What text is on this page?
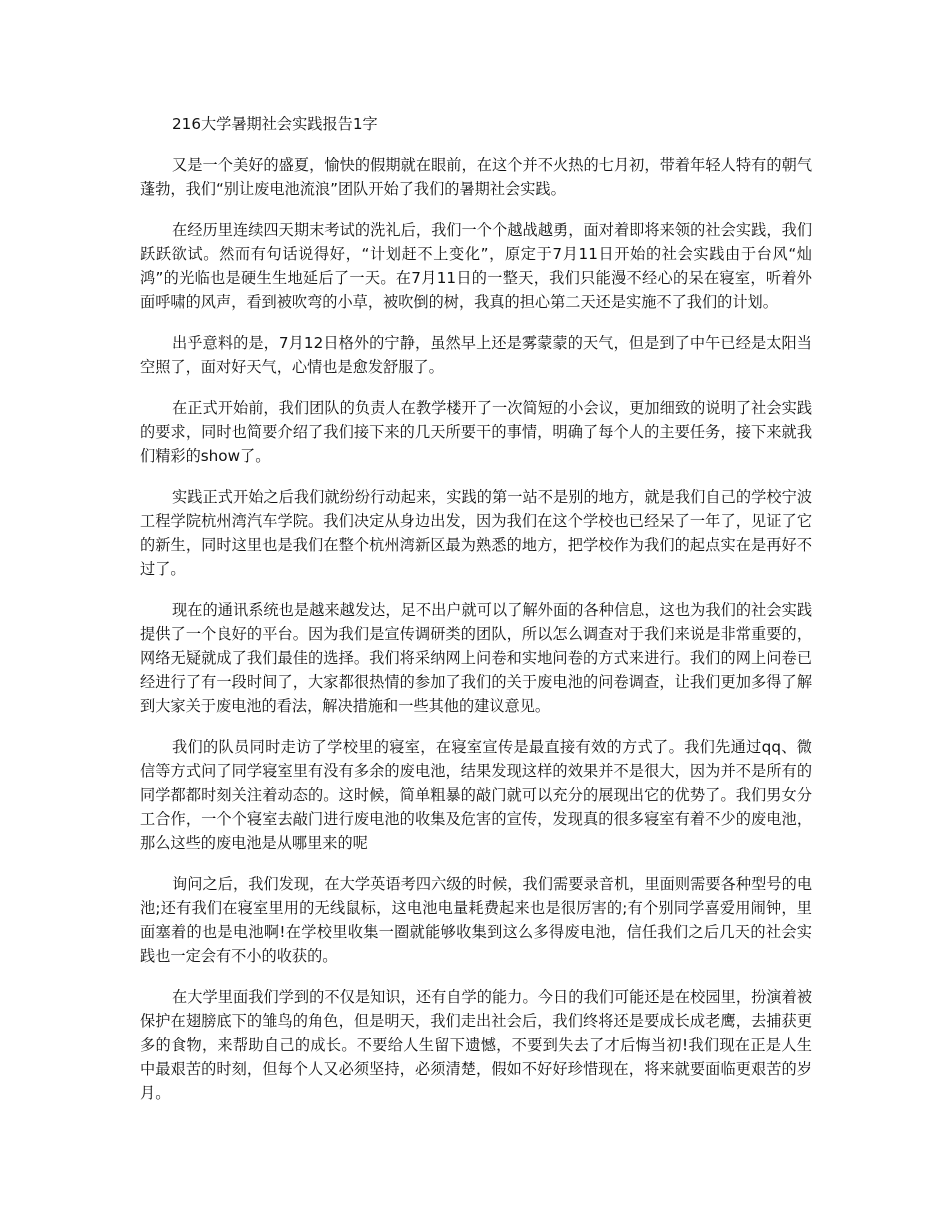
216大学暑期社会实践报告1字

又是一个美好的盛夏，愉快的假期就在眼前，在这个并不火热的七月初，带着年轻人特有的朝气蓬勃，我们“别让废电池流浪”团队开始了我们的暑期社会实践。

在经历里连续四天期末考试的洗礼后，我们一个个越战越勇，面对着即将来领的社会实践，我们跃跃欲试。然而有句话说得好，“计划赶不上变化”，原定于7月11日开始的社会实践由于台风“灿鸿”的光临也是硬生生地延后了一天。在7月11日的一整天，我们只能漫不经心的呆在寝室，听着外面呼啸的风声，看到被吹弯的小草，被吹倒的树，我真的担心第二天还是实施不了我们的计划。

出乎意料的是，7月12日格外的宁静，虽然早上还是雾蒙蒙的天气，但是到了中午已经是太阳当空照了，面对好天气，心情也是愈发舒服了。

在正式开始前，我们团队的负责人在教学楼开了一次简短的小会议，更加细致的说明了社会实践的要求，同时也简要介绍了我们接下来的几天所要干的事情，明确了每个人的主要任务，接下来就我们精彩的show了。

实践正式开始之后我们就纷纷行动起来，实践的第一站不是别的地方，就是我们自己的学校宁波工程学院杭州湾汽车学院。我们决定从身边出发，因为我们在这个学校也已经呆了一年了，见证了它的新生，同时这里也是我们在整个杭州湾新区最为熟悉的地方，把学校作为我们的起点实在是再好不过了。

现在的通讯系统也是越来越发达，足不出户就可以了解外面的各种信息，这也为我们的社会实践提供了一个良好的平台。因为我们是宣传调研类的团队，所以怎么调查对于我们来说是非常重要的，网络无疑就成了我们最佳的选择。我们将采纳网上问卷和实地问卷的方式来进行。我们的网上问卷已经进行了有一段时间了，大家都很热情的参加了我们的关于废电池的问卷调查，让我们更加多得了解到大家关于废电池的看法，解决措施和一些其他的建议意见。

我们的队员同时走访了学校里的寝室，在寝室宣传是最直接有效的方式了。我们先通过qq、微信等方式问了同学寝室里有没有多余的废电池，结果发现这样的效果并不是很大，因为并不是所有的同学都都时刻关注着动态的。这时候，简单粗暴的敲门就可以充分的展现出它的优势了。我们男女分工合作，一个个寝室去敲门进行废电池的收集及危害的宣传，发现真的很多寝室有着不少的废电池，那么这些的废电池是从哪里来的呢

询问之后，我们发现，在大学英语考四六级的时候，我们需要录音机，里面则需要各种型号的电池;还有我们在寝室里用的无线鼠标，这电池电量耗费起来也是很厉害的;有个别同学喜爱用闹钟，里面塞着的也是电池啊!在学校里收集一圈就能够收集到这么多得废电池，信任我们之后几天的社会实践也一定会有不小的收获的。

在大学里面我们学到的不仅是知识，还有自学的能力。今日的我们可能还是在校园里，扮演着被保护在翅膀底下的雏鸟的角色，但是明天，我们走出社会后，我们终将还是要成长成老鹰，去捕获更多的食物，来帮助自己的成长。不要给人生留下遗憾，不要到失去了才后悔当初!我们现在正是人生中最艰苦的时刻，但每个人又必须坚持，必须清楚，假如不好好珍惜现在，将来就要面临更艰苦的岁月。
